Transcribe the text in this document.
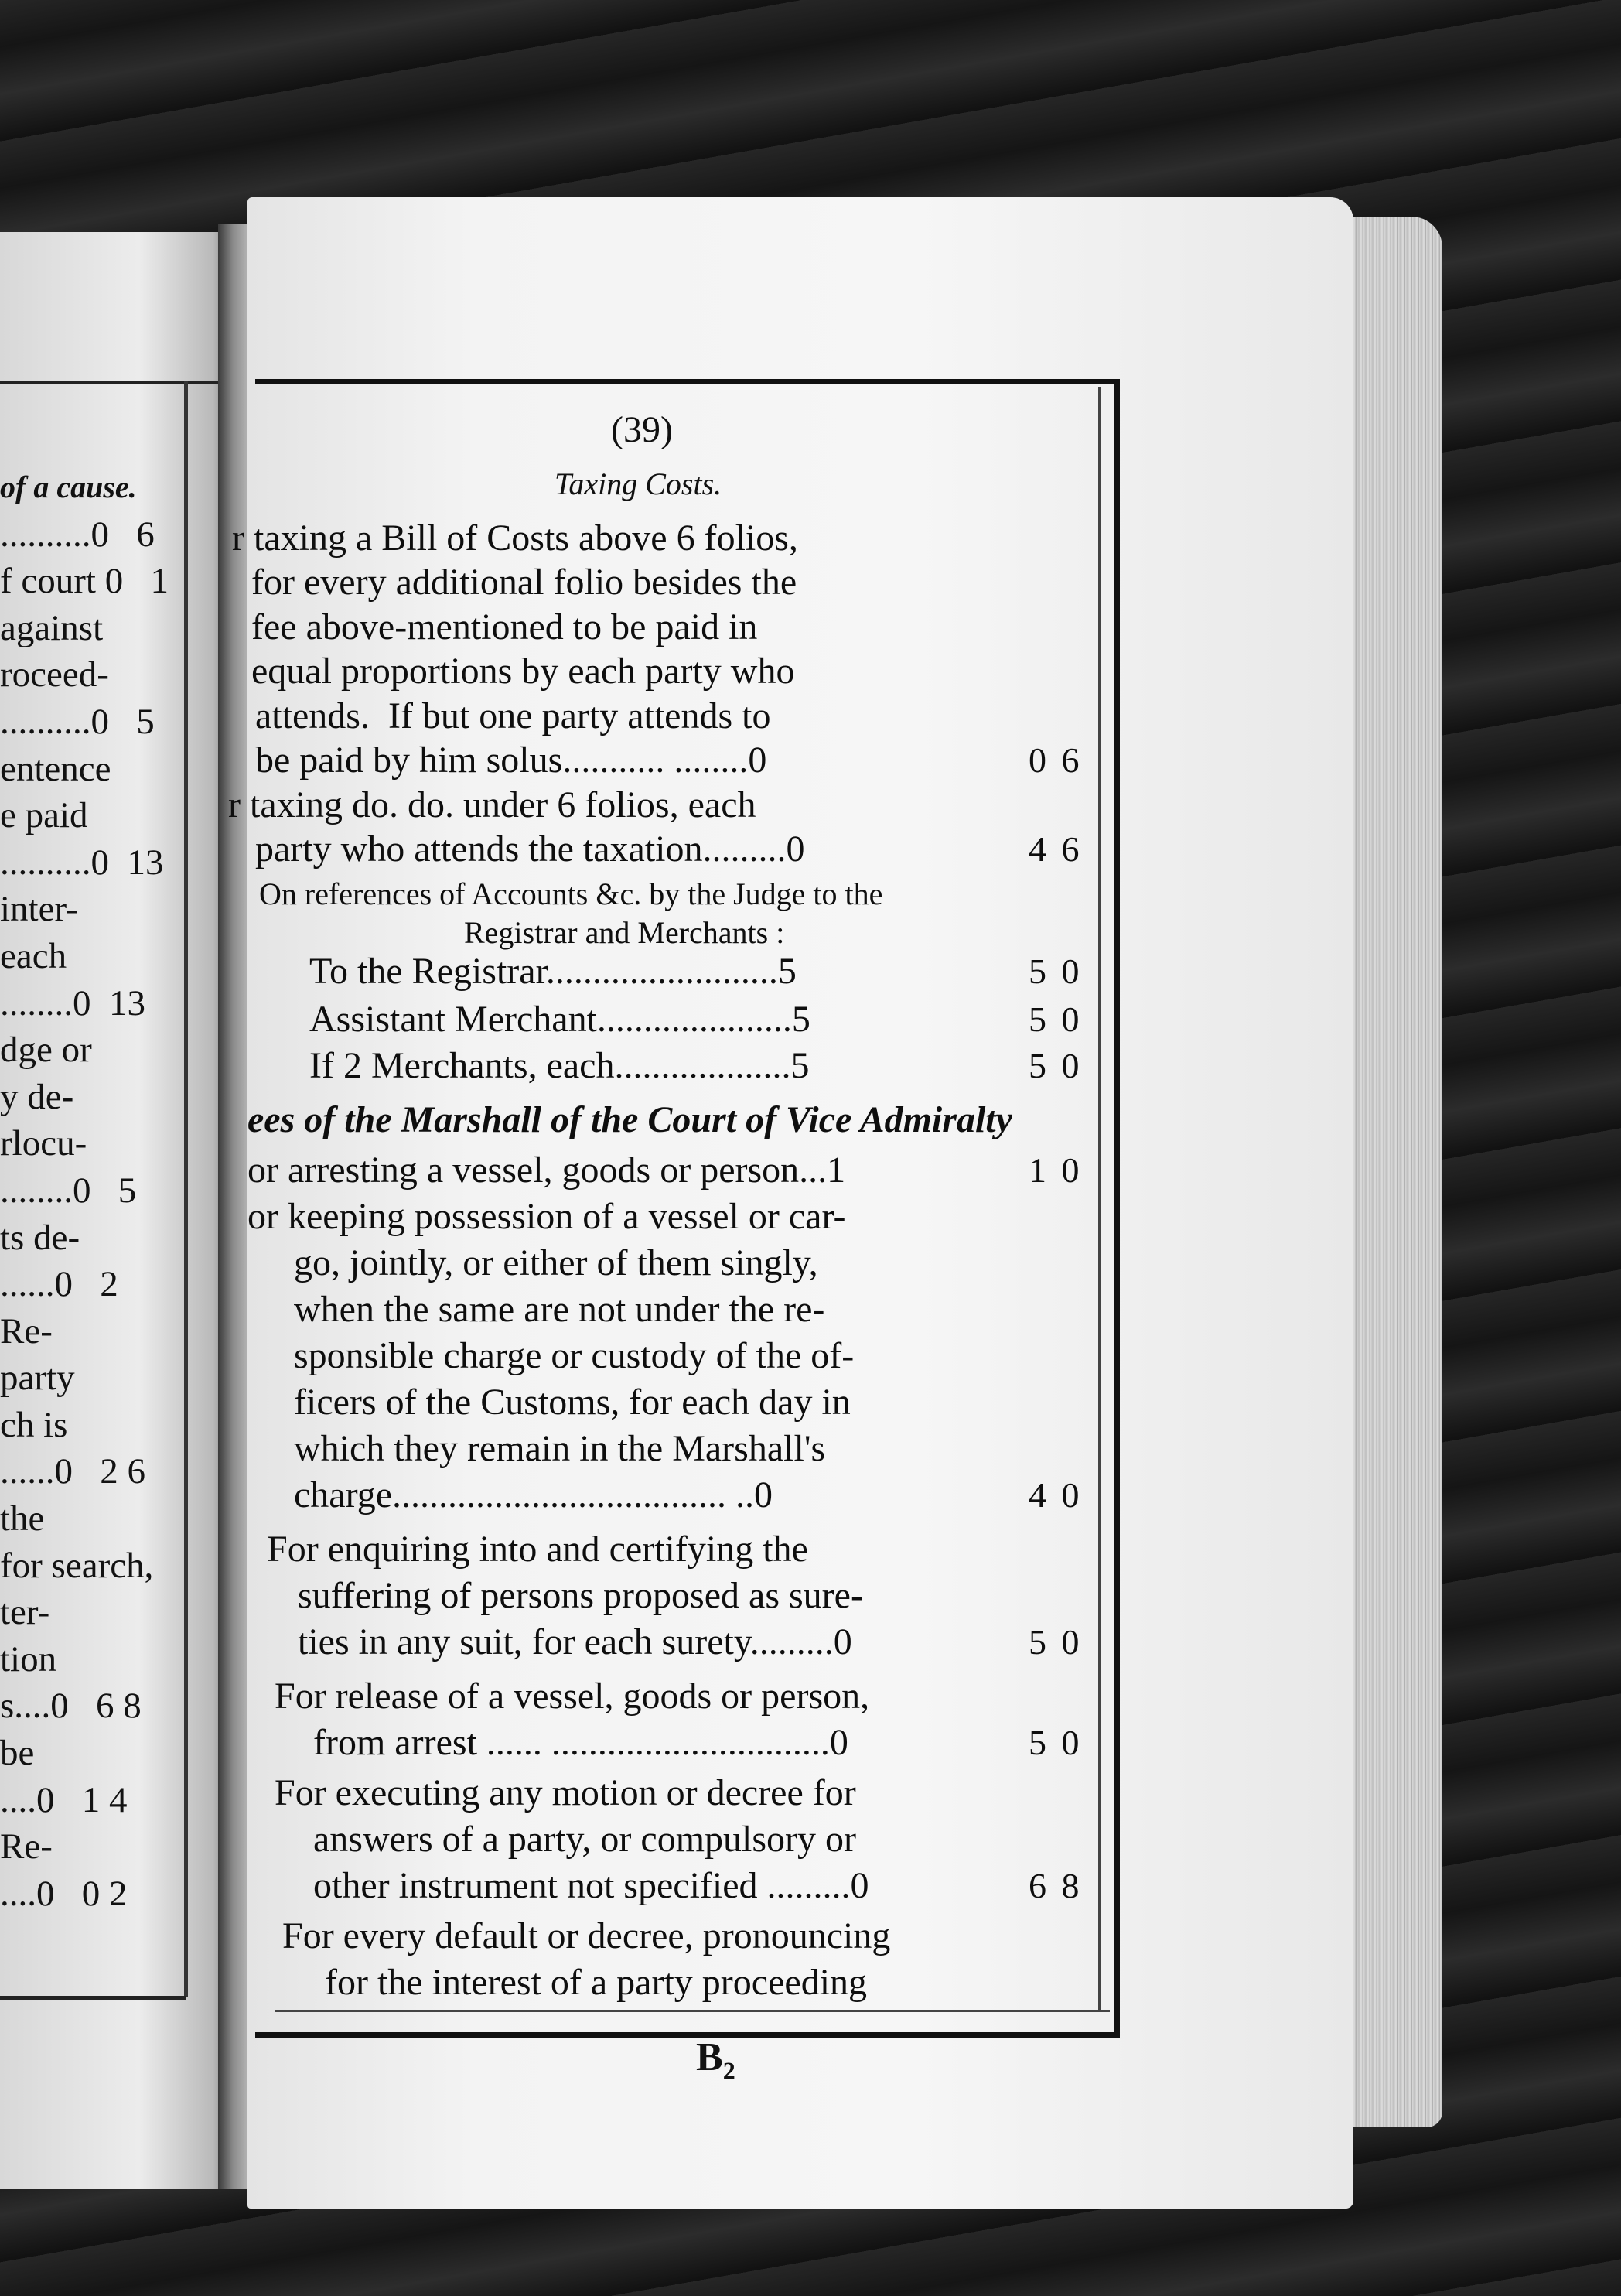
of a cause.
..........0   6
f court 0   1
against
roceed-
..........0   5
entence
e paid
..........0  13
inter-
each
........0  13
dge or
y de-
rlocu-
........0   5
ts de-
......0   2
Re-
party
ch is
......0   2 6
the
for search,
ter-
tion
s....0   6 8
be
....0   1 4
Re-
....0   0 2
(39)
Taxing Costs.
r taxing a Bill of Costs above 6 folios,
for every additional folio besides the
fee above-mentioned to be paid in
equal proportions by each party who
attends.  If but one party attends to
be paid by him solus........... ........0	0 6
r taxing do. do. under 6 folios, each
party who attends the taxation.........0	4 6
On references of Accounts &c. by the Judge to the
Registrar and Merchants :
To the Registrar.........................5	5 0
Assistant Merchant.....................5	5 0
If 2 Merchants, each...................5	5 0
ees of the Marshall of the Court of Vice Admiralty
or arresting a vessel, goods or person...1	1 0
or keeping possession of a vessel or car-
go, jointly, or either of them singly,
when the same are not under the re-
sponsible charge or custody of the of-
ficers of the Customs, for each day in
which they remain in the Marshall's
charge.................................... ..0	4 0
For enquiring into and certifying the
suffering of persons proposed as sure-
ties in any suit, for each surety.........0	5 0
For release of a vessel, goods or person,
from arrest ...... ..............................0	5 0
For executing any motion or decree for
answers of a party, or compulsory or
other instrument not specified .........0	6 8
For every default or decree, pronouncing
for the interest of a party proceeding
$B_2$
